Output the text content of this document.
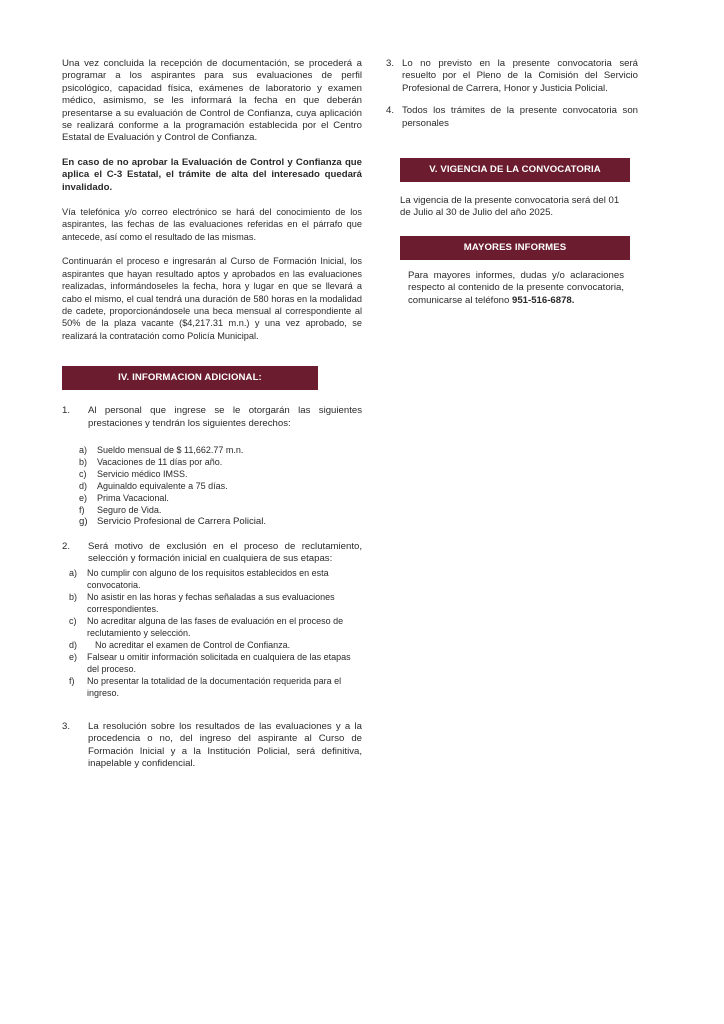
Una vez concluida la recepción de documentación, se procederá a programar a los aspirantes para sus evaluaciones de perfil psicológico, capacidad física, exámenes de laboratorio y examen médico, asimismo, se les informará la fecha en que deberán presentarse a su evaluación de Control de Confianza, cuya aplicación se realizará conforme a la programación establecida por el Centro Estatal de Evaluación y Control de Confianza.

En caso de no aprobar la Evaluación de Control y Confianza que aplica el C-3 Estatal, el trámite de alta del interesado quedará invalidado.

Vía telefónica y/o correo electrónico se hará del conocimiento de los aspirantes, las fechas de las evaluaciones referidas en el párrafo que antecede, así como el resultado de las mismas.

Continuarán el proceso e ingresarán al Curso de Formación Inicial, los aspirantes que hayan resultado aptos y aprobados en las evaluaciones realizadas, informándoseles la fecha, hora y lugar en que se llevará a cabo el mismo, el cual tendrá una duración de 580 horas en la modalidad de cadete, proporcionándosele una beca mensual al correspondiente al 50% de la plaza vacante ($4,217.31 m.n.) y una vez aprobado, se realizará la contratación como Policía Municipal.

IV. INFORMACION ADICIONAL:
1.	Al personal que ingrese se le otorgarán las siguientes prestaciones y tendrán los siguientes derechos:
a)	Sueldo mensual de $ 11,662.77 m.n.
b)	Vacaciones de 11 días por año.
c)	Servicio médico IMSS.
d)	Aguinaldo equivalente a 75 días.
e)	Prima Vacacional.
f)	Seguro de Vida.
g) Servicio Profesional de Carrera Policial.
2.	Será motivo de exclusión en el proceso de reclutamiento, selección y formación inicial en cualquiera de sus etapas:
a)	No cumplir con alguno de los requisitos establecidos en esta convocatoria.
b)	No asistir en las horas y fechas señaladas a sus evaluaciones correspondientes.
c)	No acreditar alguna de las fases de evaluación en el proceso de reclutamiento y selección.
d)	No acreditar el examen de Control de Confianza.
e)	Falsear u omitir información solicitada en cualquiera de las etapas del proceso.
f)	No presentar la totalidad de la documentación requerida para el ingreso.
3.	La resolución sobre los resultados de las evaluaciones y a la procedencia o no, del ingreso del aspirante al Curso de Formación Inicial y a la Institución Policial, será definitiva, inapelable y confidencial.
3. Lo no previsto en la presente convocatoria será resuelto por el Pleno de la Comisión del Servicio Profesional de Carrera, Honor y Justicia Policial.
4. Todos los trámites de la presente convocatoria son personales
V. VIGENCIA DE LA CONVOCATORIA

La vigencia de la presente convocatoria será del 01 de Julio al 30 de Julio del año 2025.

MAYORES INFORMES

Para mayores informes, dudas y/o aclaraciones respecto al contenido de la presente convocatoria, comunicarse al teléfono 951-516-6878.
